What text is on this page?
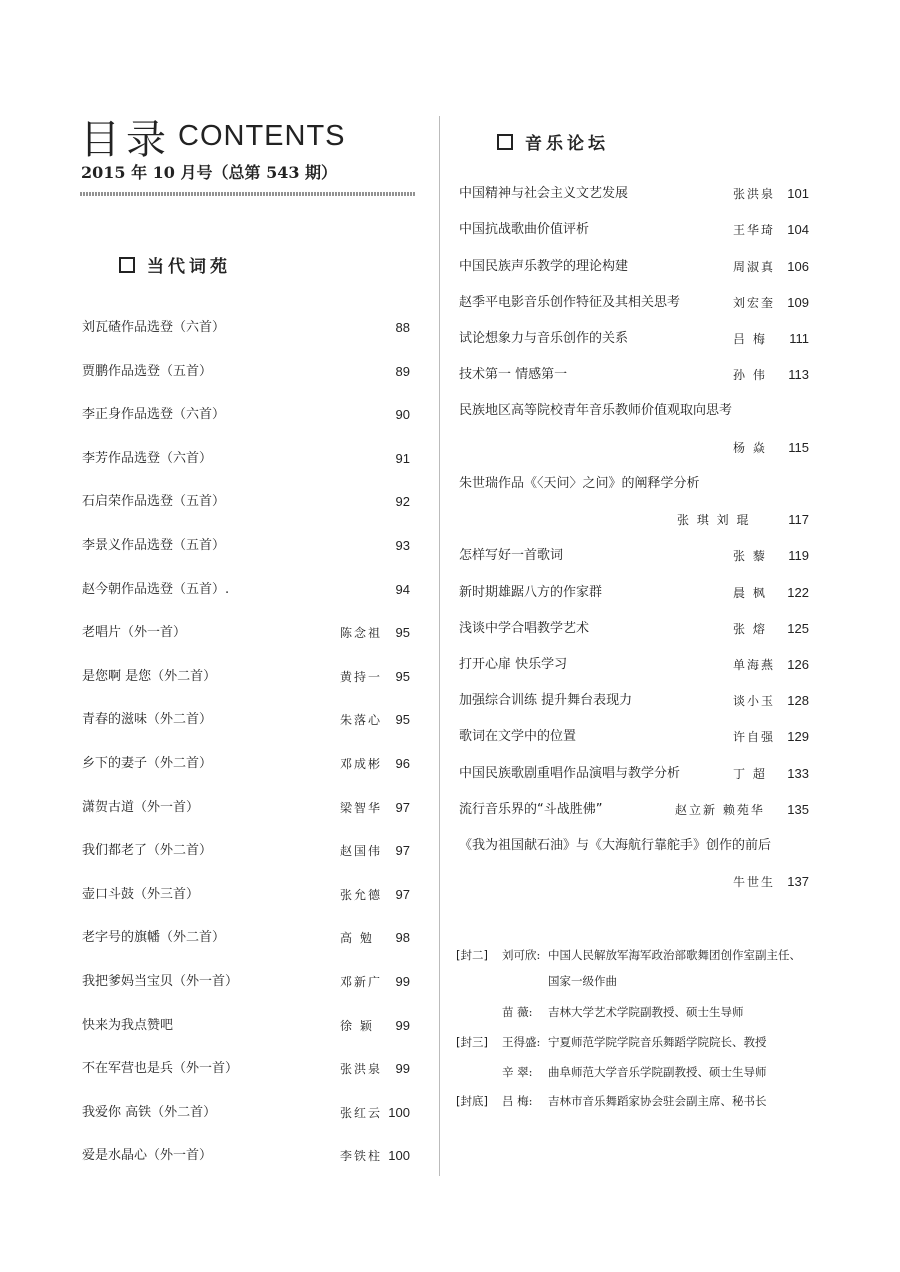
目录 CONTENTS
2015 年 10 月号（总第 543 期）
当代词苑
音乐论坛
刘瓦碴作品选登（六首）	88
贾鹏作品选登（五首）	89
李正身作品选登（六首）	90
李芳作品选登（六首）	91
石启荣作品选登（五首）	92
李景义作品选登（五首）	93
赵今朝作品选登（五首）.	94
老唱片（外一首）	陈念祖 95
是您啊 是您（外二首）	黄持一 95
青春的滋味（外二首）	朱落心 95
乡下的妻子（外二首）	邓成彬 96
潇贺古道（外一首）	梁智华 97
我们都老了（外二首）	赵国伟 97
壶口斗鼓（外三首）	张允德 97
老字号的旗幡（外二首）	高 勉 98
我把爹妈当宝贝（外一首）	邓新广 99
快来为我点赞吧	徐 颖 99
不在军营也是兵（外一首）	张洪泉 99
我爱你 高铁（外二首）	张红云 100
爱是水晶心（外一首）	李铁柱 100
中国精神与社会主义文艺发展	张洪泉 101
中国抗战歌曲价值评析	王华琦 104
中国民族声乐教学的理论构建	周淑真 106
赵季平电影音乐创作特征及其相关思考	刘宏奎 109
试论想象力与音乐创作的关系	吕 梅 111
技术第一 情感第一	孙 伟 113
民族地区高等院校青年音乐教师价值观取向思考
杨 焱 115
朱世瑞作品《〈天问〉之问》的阐释学分析
张 琪 刘 琨	117
怎样写好一首歌词	张 藜 119
新时期雄踞八方的作家群	晨 枫 122
浅谈中学合唱教学艺术	张 熔 125
打开心扉 快乐学习	单海燕 126
加强综合训练 提升舞台表现力	谈小玉 128
歌词在文学中的位置	许自强 129
中国民族歌剧重唱作品演唱与教学分析	丁 超 133
流行音乐界的“斗战胜佛”	赵立新 赖苑华 135
《我为祖国献石油》与《大海航行靠舵手》创作的前后
牛世生 137
[封二] 刘可欣: 中国人民解放军海军政治部歌舞团创作室副主任、
国家一级作曲
苗 薇: 吉林大学艺术学院副教授、硕士生导师
[封三] 王得盛: 宁夏师范学院学院音乐舞蹈学院院长、教授
辛 翠: 曲阜师范大学音乐学院副教授、硕士生导师
[封底] 吕 梅: 吉林市音乐舞蹈家协会驻会副主席、秘书长
